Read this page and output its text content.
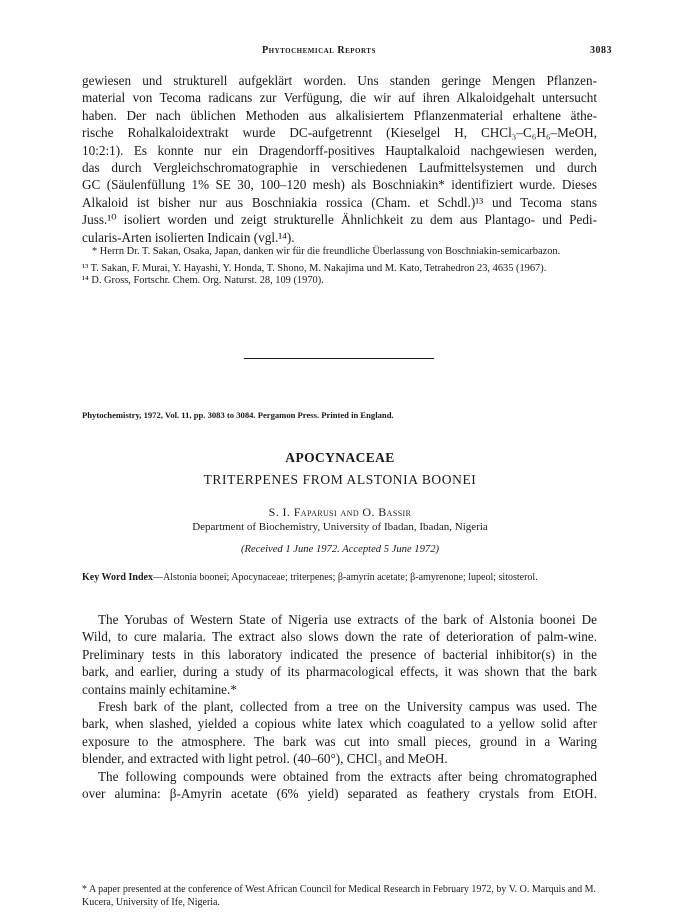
Phytochemical Reports	3083
gewiesen und strukturell aufgeklärt worden. Uns standen geringe Mengen Pflanzen-
material von Tecoma radicans zur Verfügung, die wir auf ihren Alkaloidgehalt untersucht
haben. Der nach üblichen Methoden aus alkalisiertem Pflanzenmaterial erhaltene äthe-
rische Rohalkaloidextrakt wurde DC-aufgetrennt (Kieselgel H, CHCl₃–C₆H₆–MeOH,
10:2:1). Es konnte nur ein Dragendorff-positives Hauptalkaloid nachgewiesen werden,
das durch Vergleichschromatographie in verschiedenen Laufmittelsystemen und durch
GC (Säulenfüllung 1% SE 30, 100–120 mesh) als Boschniakin* identifiziert wurde. Dieses
Alkaloid ist bisher nur aus Boschniakia rossica (Cham. et Schdl.)¹³ und Tecoma stans
Juss.¹⁰ isoliert worden und zeigt strukturelle Ähnlichkeit zu dem aus Plantago- und Pedi-
cularis-Arten isolierten Indicain (vgl.¹⁴).
* Herrn Dr. T. Sakan, Osaka, Japan, danken wir für die freundliche Überlassung von Boschniakin-semicarbazon.
¹³ T. Sakan, F. Murai, Y. Hayashi, Y. Honda, T. Shono, M. Nakajima und M. Kato, Tetrahedron 23, 4635 (1967).
¹⁴ D. Gross, Fortschr. Chem. Org. Naturst. 28, 109 (1970).
Phytochemistry, 1972, Vol. 11, pp. 3083 to 3084. Pergamon Press. Printed in England.
APOCYNACEAE
TRITERPENES FROM ALSTONIA BOONEI
S. I. Faparusi and O. Bassir
Department of Biochemistry, University of Ibadan, Ibadan, Nigeria
(Received 1 June 1972. Accepted 5 June 1972)
Key Word Index—Alstonia boonei; Apocynaceae; triterpenes; β-amyrin acetate; β-amyrenone; lupeol; sitosterol.
The Yorubas of Western State of Nigeria use extracts of the bark of Alstonia boonei De
Wild, to cure malaria. The extract also slows down the rate of deterioration of palm-wine.
Preliminary tests in this laboratory indicated the presence of bacterial inhibitor(s) in the
bark, and earlier, during a study of its pharmacological effects, it was shown that the bark
contains mainly echitamine.*
Fresh bark of the plant, collected from a tree on the University campus was used. The
bark, when slashed, yielded a copious white latex which coagulated to a yellow solid after
exposure to the atmosphere. The bark was cut into small pieces, ground in a Waring
blender, and extracted with light petrol. (40–60°), CHCl₃ and MeOH.
The following compounds were obtained from the extracts after being chromatographed
over alumina: β-Amyrin acetate (6% yield) separated as feathery crystals from EtOH.
* A paper presented at the conference of West African Council for Medical Research in February 1972, by V. O. Marquis and M. Kucera, University of Ife, Nigeria.
